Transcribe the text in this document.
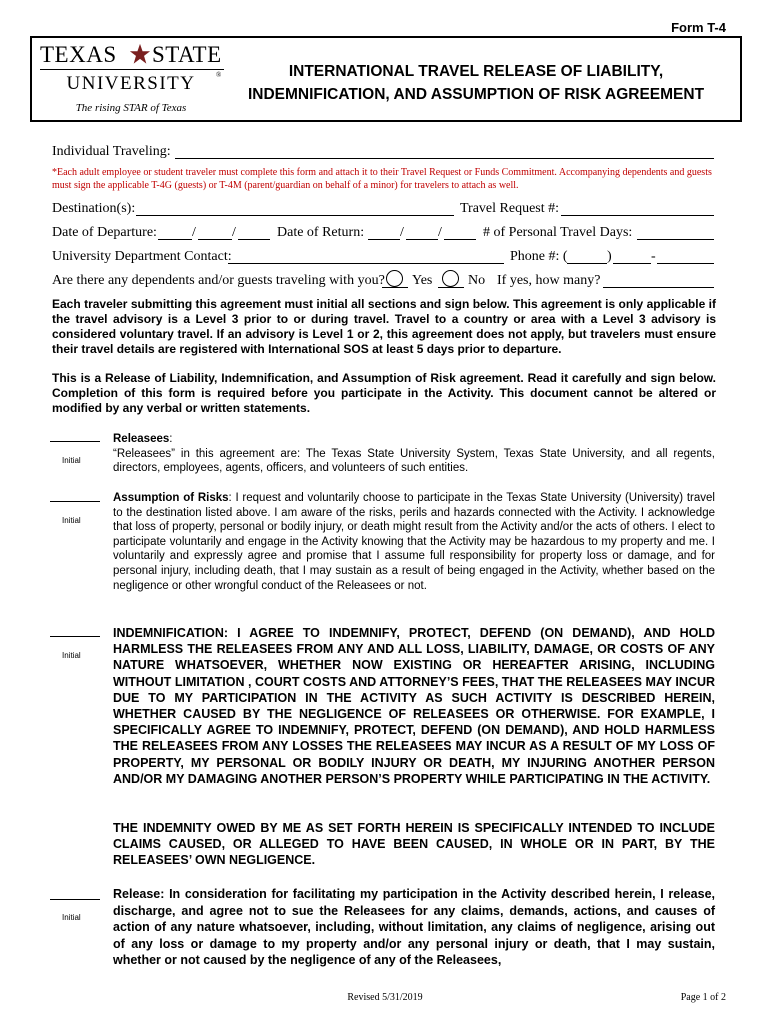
Form T-4
TEXAS STATE
®
UNIVERSITY
The rising STAR of Texas
INTERNATIONAL TRAVEL RELEASE OF LIABILITY, INDEMNIFICATION, AND ASSUMPTION OF RISK AGREEMENT
Individual Traveling:
*Each adult employee or student traveler must complete this form and attach it to their Travel Request or Funds Commitment. Accompanying dependents and guests must sign the applicable T-4G (guests) or T-4M (parent/guardian on behalf of a minor) for travelers to attach as well.
Destination(s):	Travel Request #:
Date of Departure:	/	/	Date of Return:	/ /	# of Personal Travel Days:
University Department Contact:	Phone #: (	)	-
Are there any dependents and/or guests traveling with you? Yes	No If yes, how many?
Each traveler submitting this agreement must initial all sections and sign below. This agreement is only applicable if the travel advisory is a Level 3 prior to or during travel. Travel to a country or area with a Level 3 advisory is considered voluntary travel. If an advisory is Level 1 or 2, this agreement does not apply, but travelers must ensure their travel details are registered with International SOS at least 5 days prior to departure.
This is a Release of Liability, Indemnification, and Assumption of Risk agreement. Read it carefully and sign below. Completion of this form is required before you participate in the Activity. This document cannot be altered or modified by any verbal or written statements.
Initial
Releasees:
“Releasees” in this agreement are: The Texas State University System, Texas State University, and all regents, directors, employees, agents, officers, and volunteers of such entities.
Initial
Assumption of Risks: I request and voluntarily choose to participate in the Texas State University (University) travel to the destination listed above. I am aware of the risks, perils and hazards connected with the Activity. I acknowledge that loss of property, personal or bodily injury, or death might result from the Activity and/or the acts of others. I elect to participate voluntarily and engage in the Activity knowing that the Activity may be hazardous to my property and me. I voluntarily and expressly agree and promise that I assume full responsibility for property loss or damage, and for personal injury, including death, that I may sustain as a result of being engaged in the Activity, whether based on the negligence or other wrongful conduct of the Releasees or not.
Initial
INDEMNIFICATION: I AGREE TO INDEMNIFY, PROTECT, DEFEND (ON DEMAND), AND HOLD HARMLESS THE RELEASEES FROM ANY AND ALL LOSS, LIABILITY, DAMAGE, OR COSTS OF ANY NATURE WHATSOEVER, WHETHER NOW EXISTING OR HEREAFTER ARISING, INCLUDING WITHOUT LIMITATION , COURT COSTS AND ATTORNEY’S FEES, THAT THE RELEASEES MAY INCUR DUE TO MY PARTICIPATION IN THE ACTIVITY AS SUCH ACTIVITY IS DESCRIBED HEREIN, WHETHER CAUSED BY THE NEGLIGENCE OF RELEASEES OR OTHERWISE. FOR EXAMPLE, I SPECIFICALLY AGREE TO INDEMNIFY, PROTECT, DEFEND (ON DEMAND), AND HOLD HARMLESS THE RELEASEES FROM ANY LOSSES THE RELEASEES MAY INCUR AS A RESULT OF MY LOSS OF PROPERTY, MY PERSONAL OR BODILY INJURY OR DEATH, MY INJURING ANOTHER PERSON AND/OR MY DAMAGING ANOTHER PERSON’S PROPERTY WHILE PARTICIPATING IN THE ACTIVITY.
THE INDEMNITY OWED BY ME AS SET FORTH HEREIN IS SPECIFICALLY INTENDED TO INCLUDE CLAIMS CAUSED, OR ALLEGED TO HAVE BEEN CAUSED, IN WHOLE OR IN PART, BY THE RELEASEES’ OWN NEGLIGENCE.
Initial
Release: In consideration for facilitating my participation in the Activity described herein, I release, discharge, and agree not to sue the Releasees for any claims, demands, actions, and causes of action of any nature whatsoever, including, without limitation, any claims of negligence, arising out of any loss or damage to my property and/or any personal injury or death, that I may sustain, whether or not caused by the negligence of any of the Releasees,
Revised 5/31/2019	Page 1 of 2
